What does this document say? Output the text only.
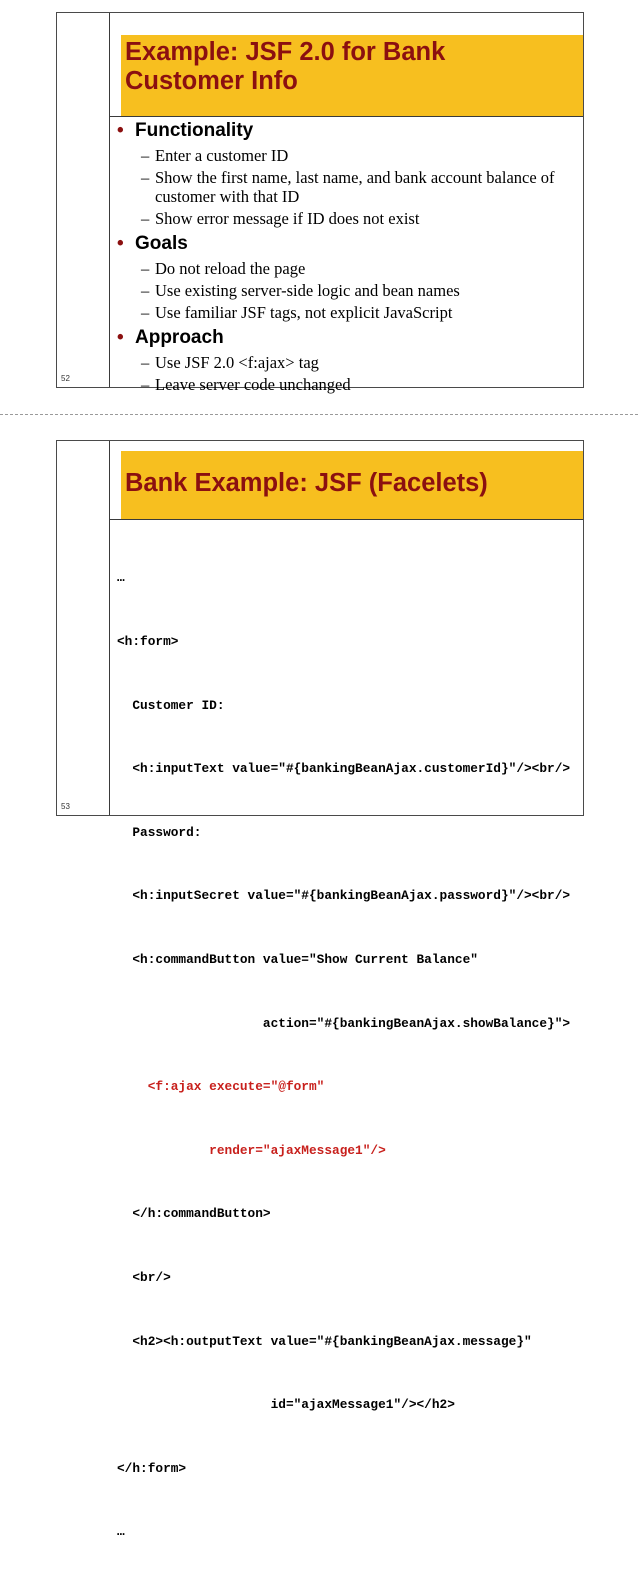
Example: JSF 2.0 for Bank
Customer Info

• Functionality

– Enter a customer ID

– Show the first name, last name, and bank account balance of customer with that ID

– Show error message if ID does not exist

• Goals

– Do not reload the page

– Use existing server-side logic and bean names

– Use familiar JSF tags, not explicit JavaScript

• Approach

– Use JSF 2.0 <f:ajax> tag

– Leave server code unchanged

52
Bank Example: JSF (Facelets)

…

<h:form>

Customer ID:

<h:inputText value="#{bankingBeanAjax.customerId}"/><br/>

Password:

<h:inputSecret value="#{bankingBeanAjax.password}"/><br/>

<h:commandButton value="Show Current Balance"

action="#{bankingBeanAjax.showBalance}">

<f:ajax execute="@form"

render="ajaxMessage1"/>

</h:commandButton>

<br/>

<h2><h:outputText value="#{bankingBeanAjax.message}"

id="ajaxMessage1"/></h2>

</h:form>

…

53
